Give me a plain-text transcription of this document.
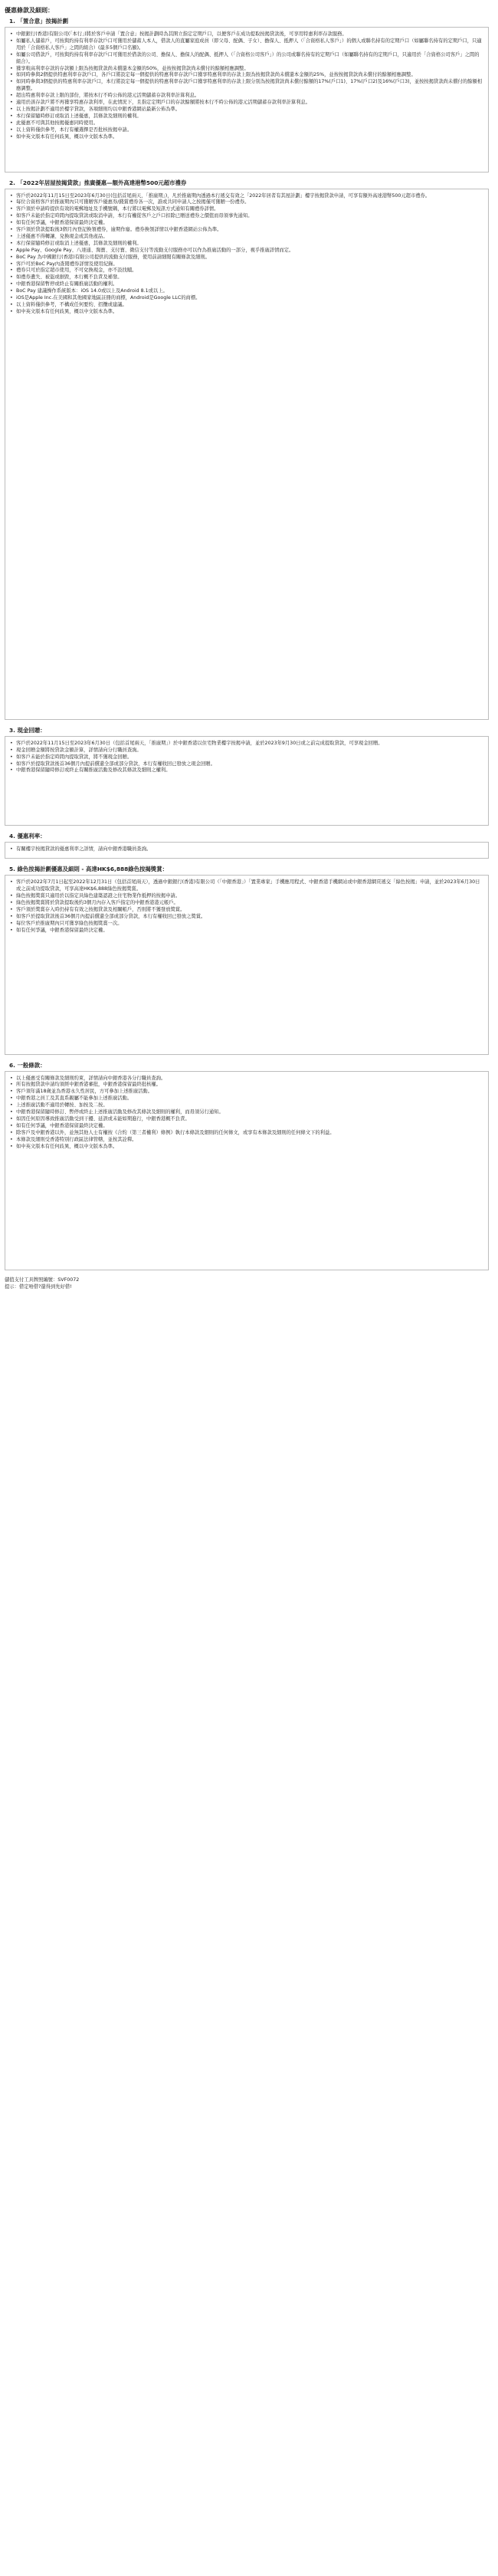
優惠條款及細則：
1. 「置合意」按揭計劃
• 中銀銀行(香港)有限公司(「本行」)將於客戶申請「置合意」按揭計劃時為其開立指定定期戶口，以便客戶在成功提取按揭貸款後，可享用特惠利率存款服務。
• 如屬私人儲蓄戶，可按與約持有利率存款戶口可獲用於儲蓄人本人，借款人的直屬家庭成員（即父母、配偶、子女）、擔保人、抵押人（「合資格私人客戶」）的個人或聯名持有的定期戶口（如屬聯名持有的定期戶口，只適用於「合資格私人客戶」之間的組合）(最多5個戶口名額)。
• 如屬公司借款戶，可按與約持有利率存款戶口可獲用於借款的公司、擔保人、擔保人的配偶、抵押人（「合資格公司客戶」）的公司或聯名持有的定期戶口（如屬聯名持有的定期戶口，只適用於「合資格公司客戶」之間的組合）。
• 獲享較高利率存款的存款額上限為按揭貸款尚未償還本金額的50%，並按按揭貸款尚未償付的餘額相應調整。
• 如同時參與2個提供特惠利率存款戶口，各戶口將設定每一個提供的特惠利率存款戶口獲享特惠利率的存款上限為按揭貸款尚未償還本金額的25%，並按按揭貸款尚未償付的餘額相應調整。
• 如同時參與3個提供的特惠利率存款戶口，本行將設定每一個提供的特惠利率存款戶口獲享特惠利率的存款上限分別為按揭貸款尚未償付餘額的17%(戶口1)、17%(戶口2)及16%(戶口3)，並按按揭貸款尚未償付的餘額相應調整。
• 超出特惠利率存款上限的部份，將按本行不時公佈的港元活期儲蓄存款利率計算利息。
• 適用於該存款戶將不再獲享特惠存款利率，在此情況下，且指定定期戶口的存款餘額將按本行不時公佈的港元活期儲蓄存款利率計算利息。
• 以上按揭計劃不適用於樓宇貸款，各項細則均以中銀香港網站最新公佈為準。
• 本行保留隨時修訂或取消上述優惠，其條款及細則的權利。
• 此優惠不可與其他按揭優惠同時使用。
• 以上資料僅供參考，本行有權選擇是否批核按揭申請。
• 如中英文版本有任何歧異，概以中文版本為準。
2. 「2022年居屋按揭貸款」推廣優惠—額外高達港幣500元超市禮券
• 客戶於2022年11月15日至2023年6月30日(包括首尾兩天，「推廣期」)，凡於推廣期內透過本行遞交有效之「2022年居者有其屋計劃」樓宇按揭貸款申請，可享有額外高達港幣500元超市禮券。
• 每位合資格客戶於推廣期內只可獲贈客戶優惠券/錢賞禮券各一次，誰或共同申請人之按揭僅可獲贈一份禮券。
• 客戶須於申請時提供有效的電郵地址及手機號碼，本行將以電郵及短訊方式通知有關禮券詳情。
• 如客戶未能於指定時間內提取貸款或取消申請，本行有權從客戶之戶口扣除已贈送禮券之價值而毋須事先通知。
• 如有任何爭議，中銀香港保留最終決定權。
• 客戶須於貸款提取後3個月內登記換領禮券，逾期作廢。禮券換領詳情以中銀香港網站公佈為準。
• 上述優惠不得轉讓、兌換現金或其他產品。
• 本行保留隨時修訂或取消上述優惠，其條款及細則的權利。
• Apple Pay、Google Pay、八達通、淘寶、支付寶、微信支付等流動支付服務亦可以作為推廣活動的一部分，視乎推廣詳情而定。
• BoC Pay 為中國銀行(香港)有限公司提供的流動支付服務，使用前請細閱有關條款及細則。
• 客戶可於BoC Pay內查閱禮券詳情及使用紀錄。
• 禮券只可於指定超市使用，不可兌換現金，亦不設找贖。
• 如禮券遺失、被盜或損毀，本行概不負責及補發。
• 中銀香港保留暫停或終止有關推廣活動的權利。
• BoC Pay 建議操作系統版本：iOS 14.0或以上及Android 8.1或以上。
• iOS是Apple Inc.在美國和其他國家地區註冊的商標，Android是Google LLC的商標。
• 以上資料僅供參考，不構成任何要約、招攬或建議。
• 如中英文版本有任何歧異，概以中文版本為準。
3. 現金回贈：
• 客戶於2022年11月15日至2023年6月30日（包括首尾兩天，「推廣期」）於中銀香港以住宅物業樓宇按揭申請，並於2023年9月30日或之前完成提取貸款，可享現金回贈。
• 現金回贈金額將按貸款金額計算，詳情請向分行職員查詢。
• 如客戶未能於指定時間內提取貸款，將不獲現金回贈。
• 如客戶於提取貸款後首36個月內提前償還全部或部分貸款，本行有權收回已發放之現金回贈。
• 中銀香港保留隨時修訂或終止有關推廣活動及修改其條款及細則之權利。
4. 優惠利率：
• 有關樓宇按揭貸款的優惠利率之詳情，請向中銀香港職員查詢。
5. 綠色按揭計劃優惠及細則 - 高達HK$6,888綠色按揭獎賞：
• 客戶於2022年7月1日起至2022年12月31日（包括首尾兩天），透過中銀銀行(香港)有限公司（「中銀香港」）「置業專家」手機應用程式、中銀香港手機網站或中銀香港網頁遞交「綠色按揭」申請，並於2023年6月30日或之前成功提取貸款，可享高達HK$6,888綠色按揭獎賞。
• 綠色按揭獎賞只適用於以指定具綠色建築認證之住宅物業作抵押的按揭申請。
• 綠色按揭獎賞將於貸款提取後約3個月內存入客戶指定的中銀香港港元帳戶。
• 客戶須於獎賞存入時仍持有有效之按揭貸款及相關帳戶，否則將不獲發放獎賞。
• 如客戶於提取貸款後首36個月內提前償還全部或部分貸款，本行有權收回已發放之獎賞。
• 每位客戶於推廣期內只可獲享綠色按揭獎賞一次。
• 如有任何爭議，中銀香港保留最終決定權。
6. 一般條款：
• 以上優惠受有關條款及細則約束，詳情請向中銀香港各分行職員查詢。
• 所有按揭貸款申請均須經中銀香港審批，中銀香港保留最終批核權。
• 客戶須年滿18歲並為香港永久性居民，方可參加上述推廣活動。
• 中銀香港之員工及其直系親屬不能參加上述推廣活動。
• 上述推廣活動不適用於轉按、加按及二按。
• 中銀香港保留隨時修訂、暫停或終止上述推廣活動及修改其條款及細則的權利，而毋須另行通知。
• 如因任何原因導致推廣活動受到干擾、延誤或未能如期進行，中銀香港概不負責。
• 如有任何爭議，中銀香港保留最終決定權。
• 除客戶及中銀香港以外，並無其他人士有權按《合約（第三者權利）條例》執行本條款及細則的任何條文，或享有本條款及細則的任何條文下的利益。
• 本條款及細則受香港特別行政區法律管轄，並按其詮釋。
• 如中英文版本有任何歧異，概以中文版本為準。
儲值支付工具牌照編號：SVF0072
提示：借定唔借?還得到先好借!
